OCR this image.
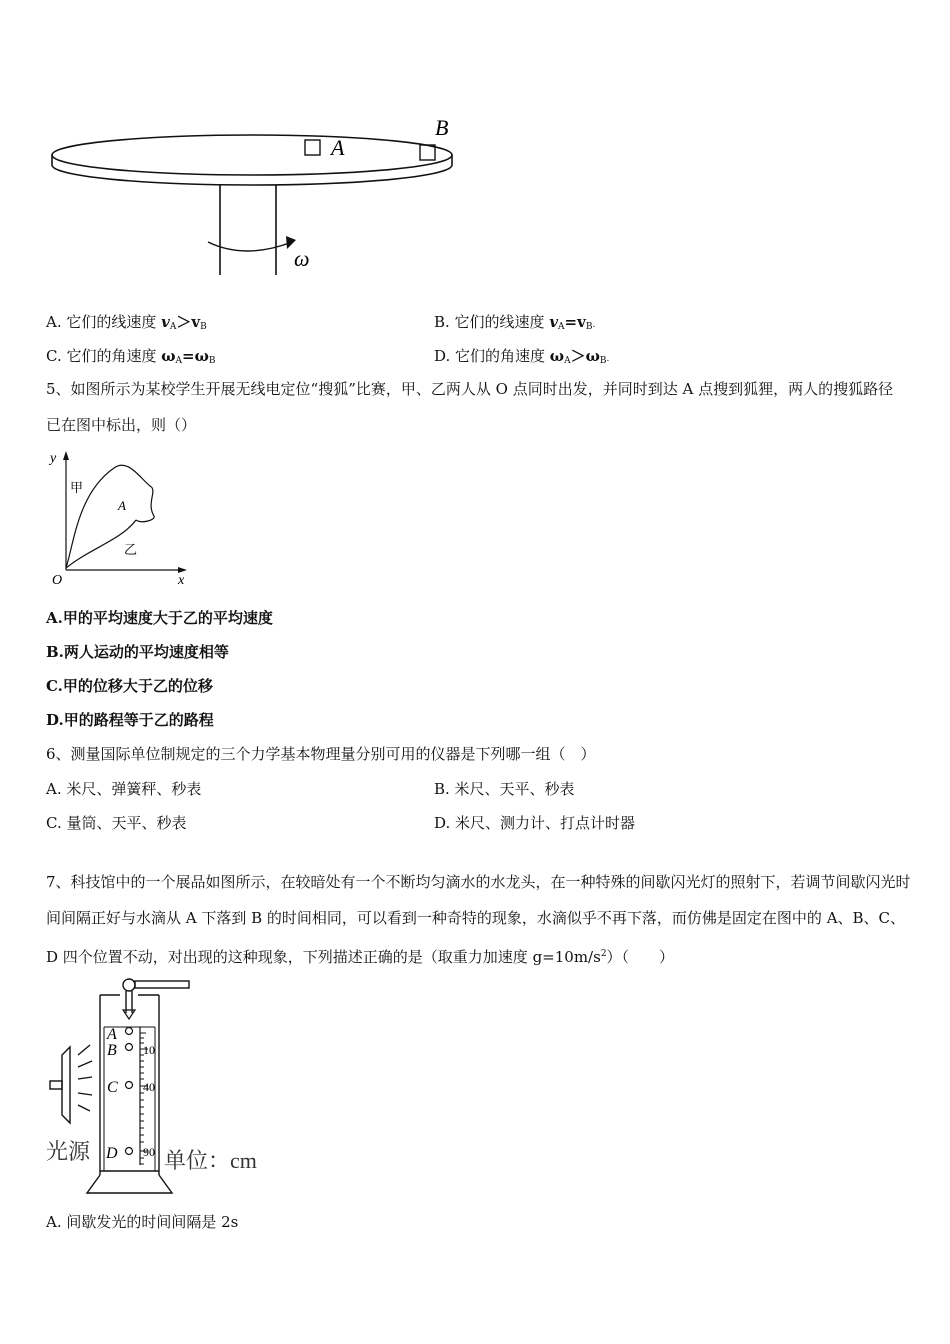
A
B
ω
A. 它们的线速度 $v_A>v_B$	B. 它们的线速度 $v_A=v_B$.
C. 它们的角速度 $\omega_A=\omega_B$	D. 它们的角速度 $\omega_A>\omega_B$.
5、如图所示为某校学生开展无线电定位“搜狐”比赛，甲、乙两人从 O 点同时出发，并同时到达 A 点搜到狐狸，两人的搜狐路径已在图中标出，则（）
y
x
O
A
甲
乙
A.甲的平均速度大于乙的平均速度
B.两人运动的平均速度相等
C.甲的位移大于乙的位移
D.甲的路程等于乙的路程
6、测量国际单位制规定的三个力学基本物理量分别可用的仪器是下列哪一组（　）
A. 米尺、弹簧秤、秒表	B. 米尺、天平、秒表
C. 量筒、天平、秒表	D. 米尺、测力计、打点计时器
7、科技馆中的一个展品如图所示，在较暗处有一个不断均匀滴水的水龙头，在一种特殊的间歇闪光灯的照射下，若调节间歇闪光时间间隔正好与水滴从 A 下落到 B 的时间相同，可以看到一种奇特的现象，水滴似乎不再下落，而仿佛是固定在图中的 A、B、C、D 四个位置不动，对出现的这种现象，下列描述正确的是（取重力加速度 $g=10m/s^2$）（　　）
10
40
90
A
B
C
D
光源	单位：cm
A. 间歇发光的时间间隔是 2s
